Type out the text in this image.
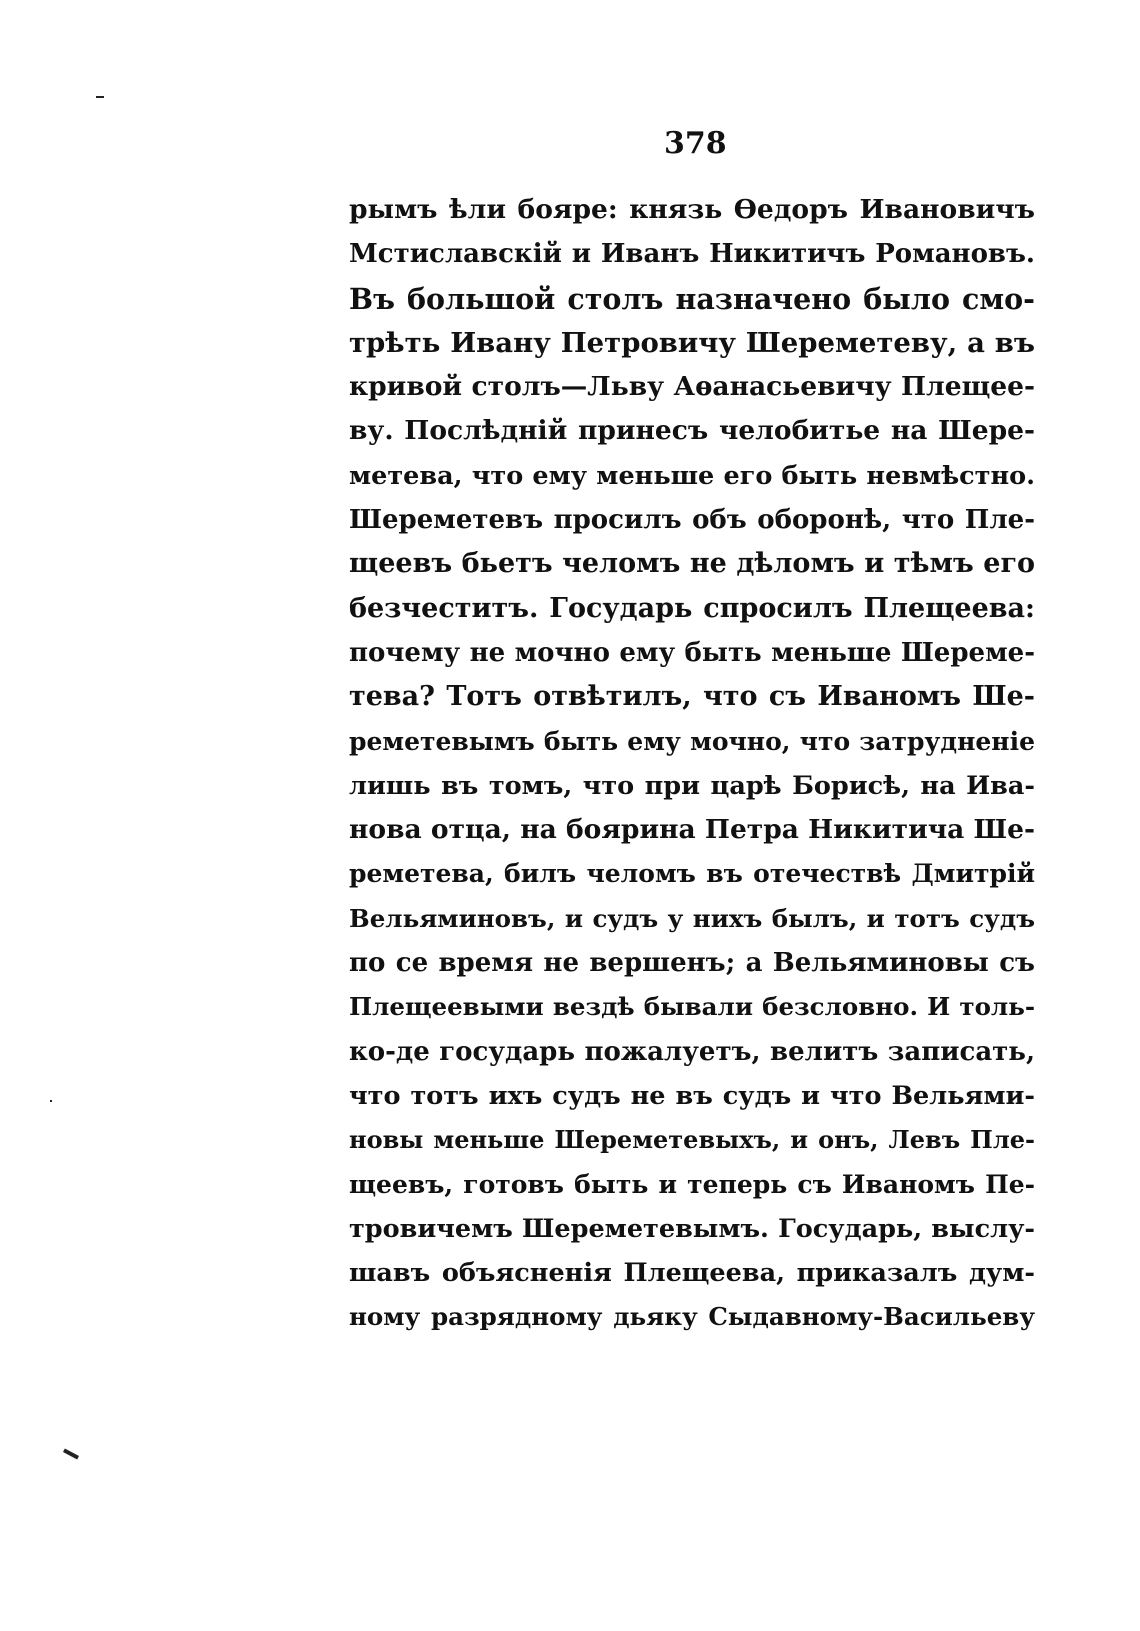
378

рымъ ѣли бояре: князь Ѳедоръ Ивановичъ
Мстиславскій и Иванъ Никитичъ Романовъ.
Въ большой столъ назначено было смо-
трѣть Ивану Петровичу Шереметеву, а въ
кривой столъ—Льву Аѳанасьевичу Плещее-
ву. Послѣдній принесъ челобитье на Шере-
метева, что ему меньше его быть невмѣстно.
Шереметевъ просилъ объ оборонѣ, что Пле-
щеевъ бьетъ челомъ не дѣломъ и тѣмъ его
безчеститъ. Государь спросилъ Плещеева:
почему не мочно ему быть меньше Шереме-
тева? Тотъ отвѣтилъ, что съ Иваномъ Ше-
реметевымъ быть ему мочно, что затрудненіе
лишь въ томъ, что при царѣ Борисѣ, на Ива-
нова отца, на боярина Петра Никитича Ше-
реметева, билъ челомъ въ отечествѣ Дмитрій
Вельяминовъ, и судъ у нихъ былъ, и тотъ судъ
по се время не вершенъ; а Вельяминовы съ
Плещеевыми вездѣ бывали безсловно. И толь-
ко-де государь пожалуетъ, велитъ записать,
что тотъ ихъ судъ не въ судъ и что Вельями-
новы меньше Шереметевыхъ, и онъ, Левъ Пле-
щеевъ, готовъ быть и теперь съ Иваномъ Пе-
тровичемъ Шереметевымъ. Государь, выслу-
шавъ объясненія Плещеева, приказалъ дум-
ному разрядному дьяку Сыдавному-Васильеву
